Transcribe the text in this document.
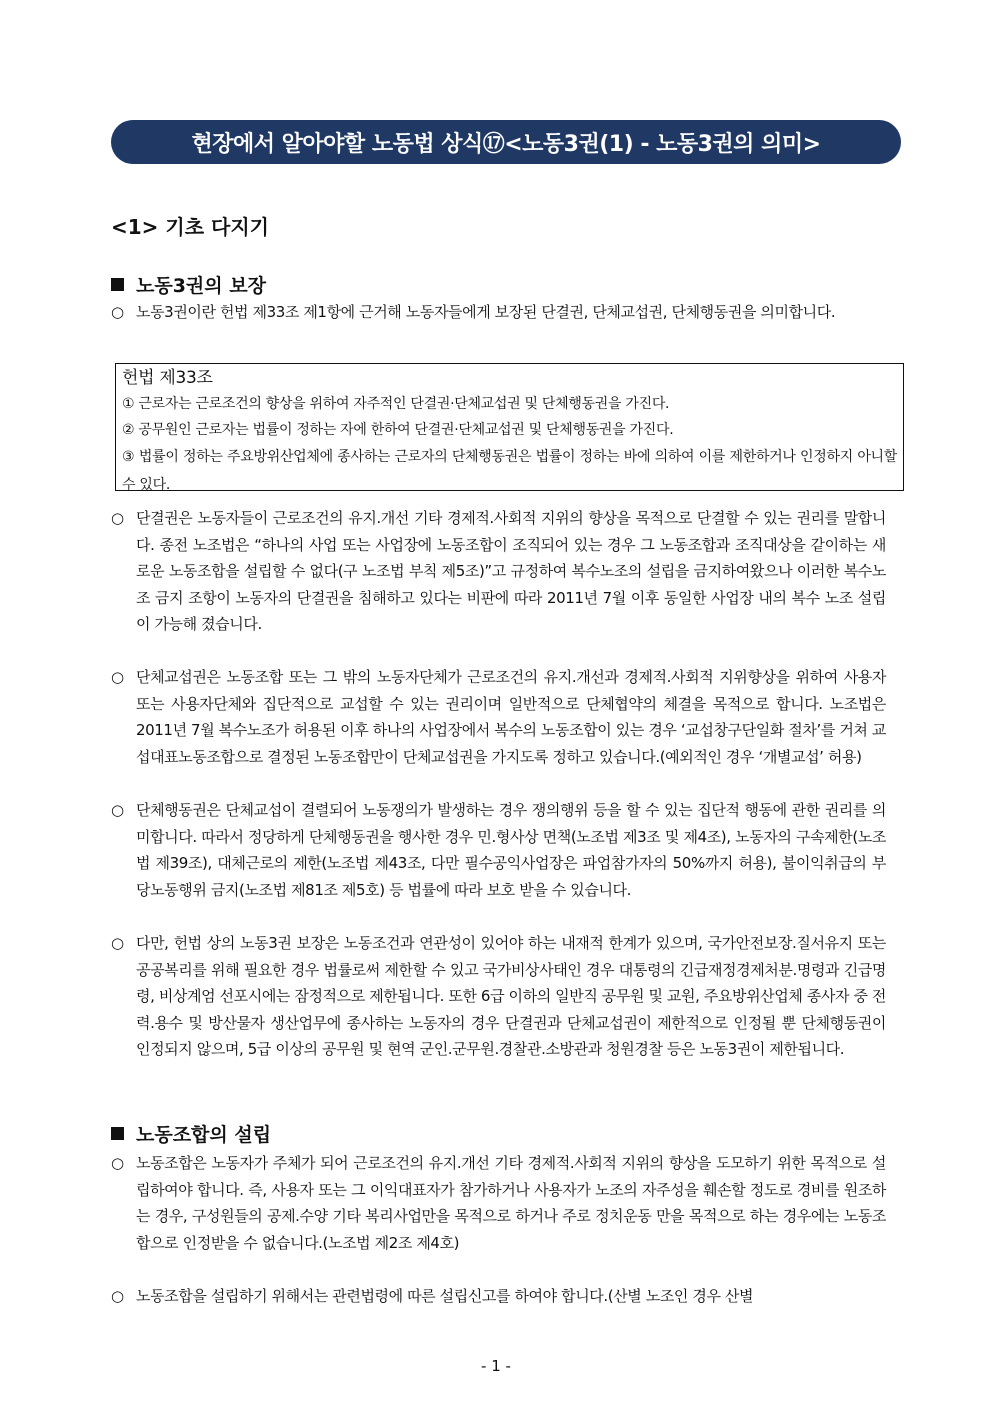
현장에서 알아야할 노동법 상식⑰<노동3권(1) - 노동3권의 의미>
<1> 기초 다지기
노동3권의 보장
○ 노동3권이란 헌법 제33조 제1항에 근거해 노동자들에게 보장된 단결권, 단체교섭권, 단체행동권을 의미합니다.
헌법 제33조
① 근로자는 근로조건의 향상을 위하여 자주적인 단결권·단체교섭권 및 단체행동권을 가진다.
② 공무원인 근로자는 법률이 정하는 자에 한하여 단결권·단체교섭권 및 단체행동권을 가진다.
③ 법률이 정하는 주요방위산업체에 종사하는 근로자의 단체행동권은 법률이 정하는 바에 의하여 이를 제한하거나 인정하지 아니할 수 있다.
○ 단결권은 노동자들이 근로조건의 유지.개선 기타 경제적.사회적 지위의 향상을 목적으로 단결할 수 있는 권리를 말합니다. 종전 노조법은 “하나의 사업 또는 사업장에 노동조합이 조직되어 있는 경우 그 노동조합과 조직대상을 같이하는 새로운 노동조합을 설립할 수 없다(구 노조법 부칙 제5조)”고 규정하여 복수노조의 설립을 금지하여왔으나 이러한 복수노조 금지 조항이 노동자의 단결권을 침해하고 있다는 비판에 따라 2011년 7월 이후 동일한 사업장 내의 복수 노조 설립이 가능해 졌습니다.
○ 단체교섭권은 노동조합 또는 그 밖의 노동자단체가 근로조건의 유지.개선과 경제적.사회적 지위향상을 위하여 사용자 또는 사용자단체와 집단적으로 교섭할 수 있는 권리이며 일반적으로 단체협약의 체결을 목적으로 합니다. 노조법은 2011년 7월 복수노조가 허용된 이후 하나의 사업장에서 복수의 노동조합이 있는 경우 ‘교섭창구단일화 절차’를 거쳐 교섭대표노동조합으로 결정된 노동조합만이 단체교섭권을 가지도록 정하고 있습니다.(예외적인 경우 ‘개별교섭’ 허용)
○ 단체행동권은 단체교섭이 결렬되어 노동쟁의가 발생하는 경우 쟁의행위 등을 할 수 있는 집단적 행동에 관한 권리를 의미합니다. 따라서 정당하게 단체행동권을 행사한 경우 민.형사상 면책(노조법 제3조 및 제4조), 노동자의 구속제한(노조법 제39조), 대체근로의 제한(노조법 제43조, 다만 필수공익사업장은 파업참가자의 50%까지 허용), 불이익취급의 부당노동행위 금지(노조법 제81조 제5호) 등 법률에 따라 보호 받을 수 있습니다.
○ 다만, 헌법 상의 노동3권 보장은 노동조건과 연관성이 있어야 하는 내재적 한계가 있으며, 국가안전보장.질서유지 또는 공공복리를 위해 필요한 경우 법률로써 제한할 수 있고 국가비상사태인 경우 대통령의 긴급재정경제처분.명령과 긴급명령, 비상계엄 선포시에는 잠정적으로 제한됩니다. 또한 6급 이하의 일반직 공무원 및 교원, 주요방위산업체 종사자 중 전력.용수 및 방산물자 생산업무에 종사하는 노동자의 경우 단결권과 단체교섭권이 제한적으로 인정될 뿐 단체행동권이 인정되지 않으며, 5급 이상의 공무원 및 현역 군인.군무원.경찰관.소방관과 청원경찰 등은 노동3권이 제한됩니다.
노동조합의 설립
○ 노동조합은 노동자가 주체가 되어 근로조건의 유지.개선 기타 경제적.사회적 지위의 향상을 도모하기 위한 목적으로 설립하여야 합니다. 즉, 사용자 또는 그 이익대표자가 참가하거나 사용자가 노조의 자주성을 훼손할 정도로 경비를 원조하는 경우, 구성원들의 공제.수양 기타 복리사업만을 목적으로 하거나 주로 정치운동 만을 목적으로 하는 경우에는 노동조합으로 인정받을 수 없습니다.(노조법 제2조 제4호)
○ 노동조합을 설립하기 위해서는 관련법령에 따른 설립신고를 하여야 합니다.(산별 노조인 경우 산별
- 1 -
